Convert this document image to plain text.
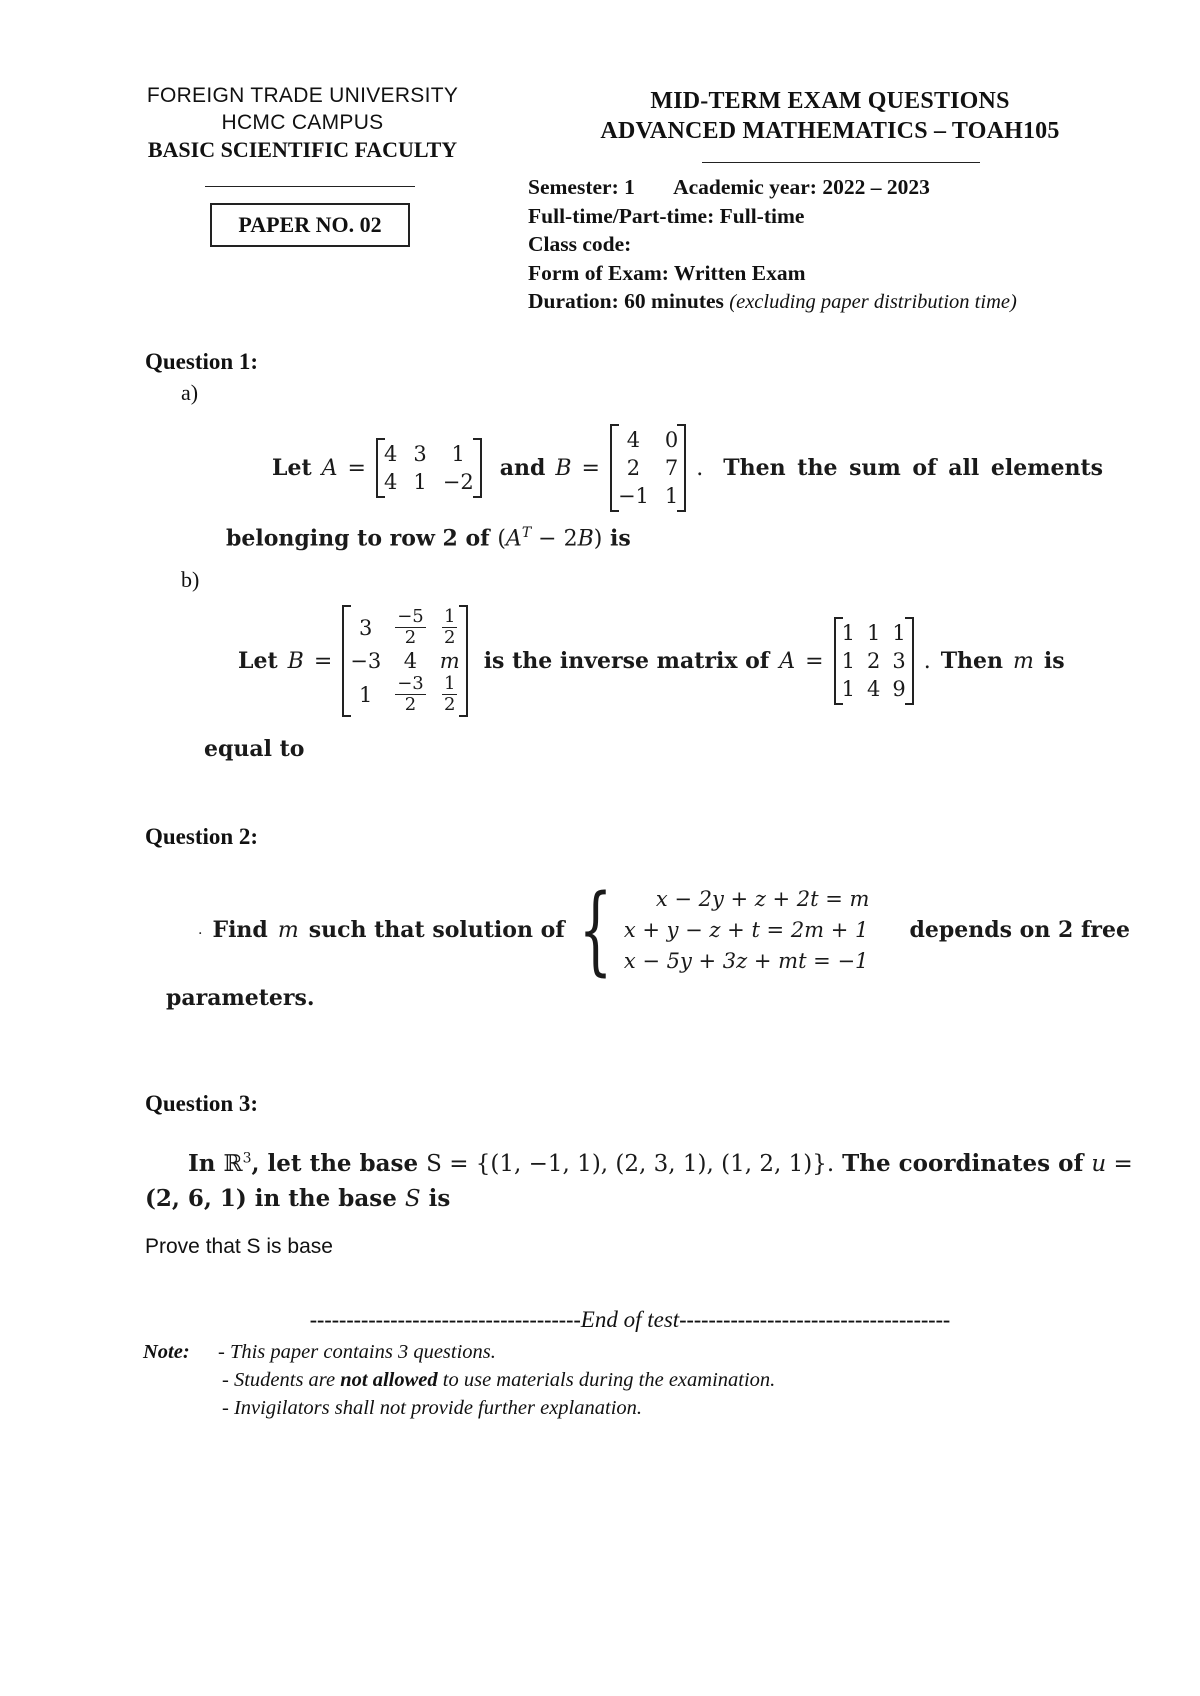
FOREIGN TRADE UNIVERSITY
HCMC CAMPUS
BASIC SCIENTIFIC FACULTY
PAPER NO. 02
MID-TERM EXAM QUESTIONS
ADVANCED MATHEMATICS – TOAH105
Semester: 1 Academic year: 2022 – 2023
Full-time/Part-time: Full-time
Class code:
Form of Exam: Written Exam
Duration: 60 minutes (excluding paper distribution time)
Question 1:
a)
Let A =
4 3	1
4 1 −2
and B =
4	0
2	7
−1 1
. Then the sum of all elements
belonging to row 2 of $(A^T - 2B)$ is
b)
Let B =
3	$\frac{-5}{2} \frac{1}{2}$
−3	4	m
1	$\frac{-3}{2} \frac{1}{2}$
is the inverse matrix of A =
1 1 1
1 2 3
1 4 9
. Then m is
equal to
Question 2:
. Find m such that solution of {	x − 2y + z + 2t = m
x + y − z + t = 2m + 1
x − 5y + 3z + mt = −1
depends on 2 free
parameters.
Question 3:
In ℝ$^3$, let the base S = {(1, −1, 1), (2, 3, 1), (1, 2, 1)}. The coordinates of u =
(2, 6, 1) in the base S is
Prove that S is base
-------------------------------------End of test-------------------------------------
Note: - This paper contains 3 questions.
- Students are not allowed to use materials during the examination.
- Invigilators shall not provide further explanation.
